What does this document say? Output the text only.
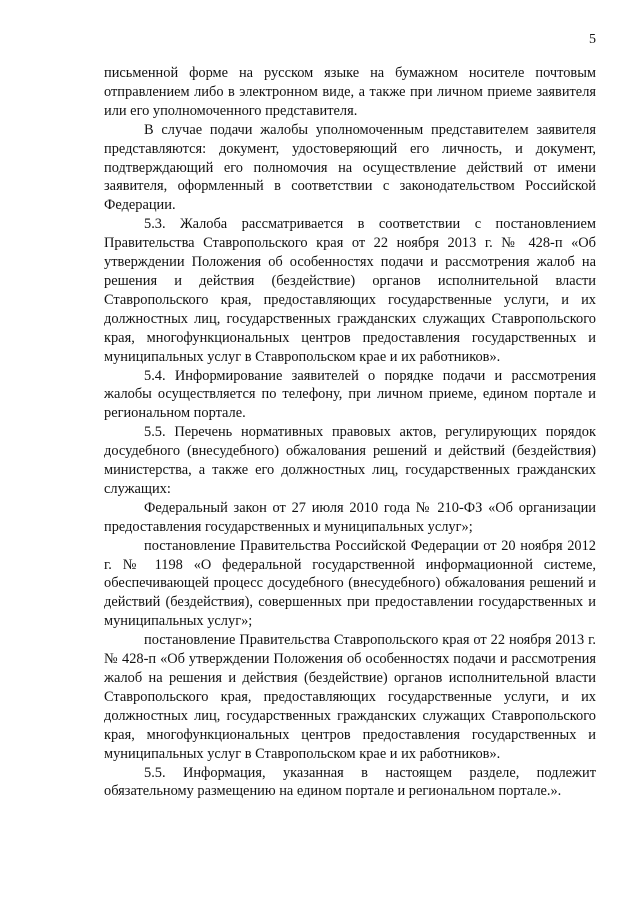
5

письменной форме на русском языке на бумажном носителе почтовым отправлением либо в электронном виде, а также при личном приеме заявителя или его уполномоченного представителя.

В случае подачи жалобы уполномоченным представителем заявителя представляются: документ, удостоверяющий его личность, и документ, подтверждающий его полномочия на осуществление действий от имени заявителя, оформленный в соответствии с законодательством Российской Федерации.

5.3. Жалоба рассматривается в соответствии с постановлением Правительства Ставропольского края от 22 ноября 2013 г. № 428-п «Об утверждении Положения об особенностях подачи и рассмотрения жалоб на решения и действия (бездействие) органов исполнительной власти Ставропольского края, предоставляющих государственные услуги, и их должностных лиц, государственных гражданских служащих Ставропольского края, многофункциональных центров предоставления государственных и муниципальных услуг в Ставропольском крае и их работников».

5.4. Информирование заявителей о порядке подачи и рассмотрения жалобы осуществляется по телефону, при личном приеме, едином портале и региональном портале.

5.5. Перечень нормативных правовых актов, регулирующих порядок досудебного (внесудебного) обжалования решений и действий (бездействия) министерства, а также его должностных лиц, государственных гражданских служащих:

Федеральный закон от 27 июля 2010 года № 210-ФЗ «Об организации предоставления государственных и муниципальных услуг»;

постановление Правительства Российской Федерации от 20 ноября 2012 г. № 1198 «О федеральной государственной информационной системе, обеспечивающей процесс досудебного (внесудебного) обжалования решений и действий (бездействия), совершенных при предоставлении государственных и муниципальных услуг»;

постановление Правительства Ставропольского края от 22 ноября 2013 г. № 428-п «Об утверждении Положения об особенностях подачи и рассмотрения жалоб на решения и действия (бездействие) органов исполнительной власти Ставропольского края, предоставляющих государственные услуги, и их должностных лиц, государственных гражданских служащих Ставропольского края, многофункциональных центров предоставления государственных и муниципальных услуг в Ставропольском крае и их работников».

5.5. Информация, указанная в настоящем разделе, подлежит обязательному размещению на едином портале и региональном портале.».
